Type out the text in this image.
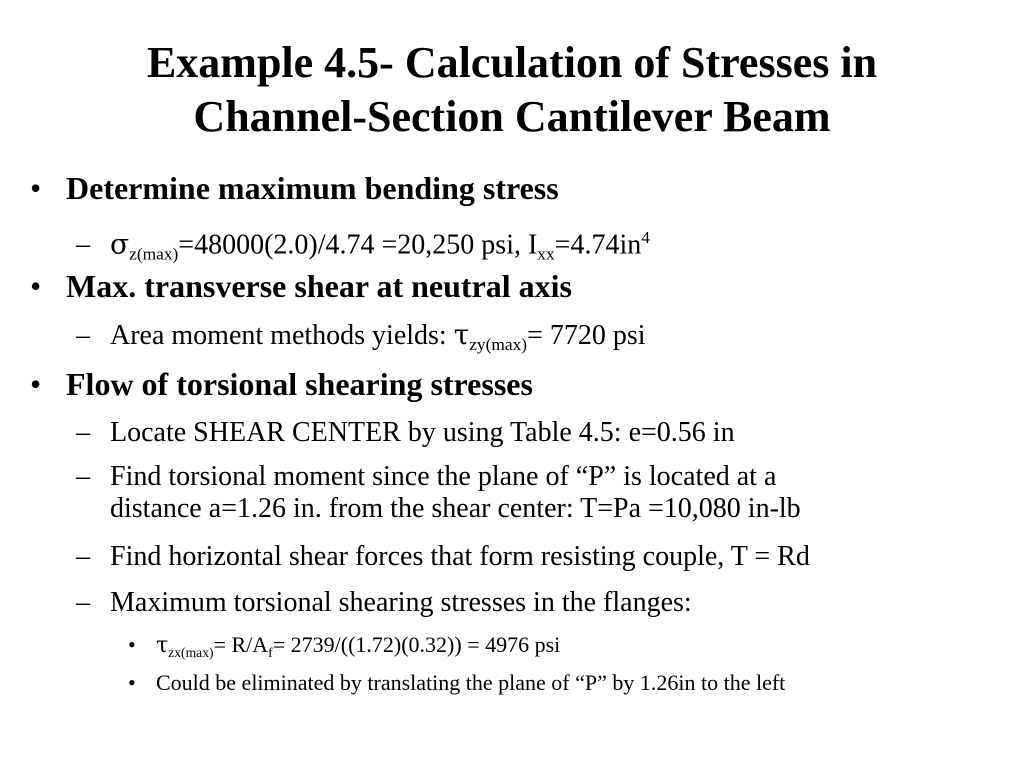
Example 4.5- Calculation of Stresses in
Channel-Section Cantilever Beam
• Determine maximum bending stress
– $\sigma_{z(max)}=48000(2.0)/4.74 =20,250$ psi, $I_{xx}=4.74in^4$
• Max. transverse shear at neutral axis
– Area moment methods yields: $\tau_{zy(max)}= 7720$ psi
• Flow of torsional shearing stresses
– Locate SHEAR CENTER by using Table 4.5: e=0.56 in
– Find torsional moment since the plane of “P” is located at a
distance a=1.26 in. from the shear center: T=Pa =10,080 in-lb
– Find horizontal shear forces that form resisting couple, T = Rd
– Maximum torsional shearing stresses in the flanges:
• $\tau_{zx(max)}= R/A_f= 2739/((1.72)(0.32)) = 4976$ psi
• Could be eliminated by translating the plane of “P” by 1.26in to the left
